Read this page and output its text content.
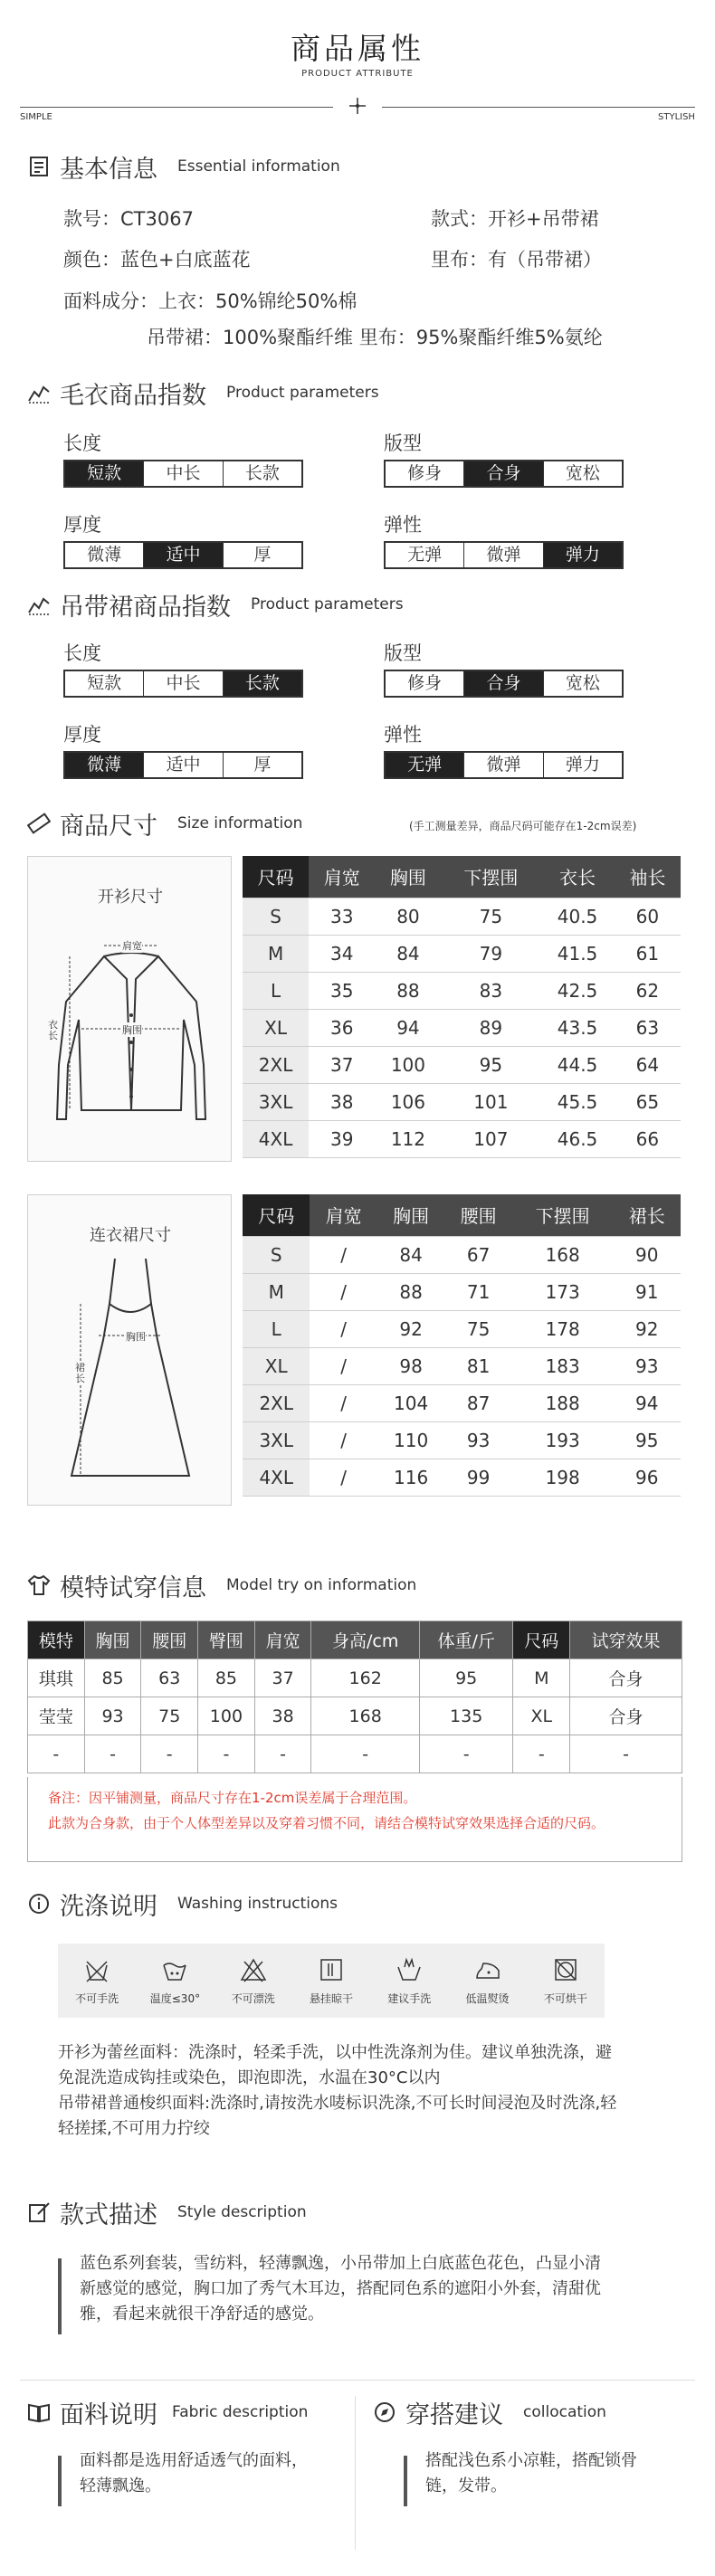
商品属性
PRODUCT ATTRIBUTE
SIMPLE	STYLISH
基本信息 Essential information
款号：CT3067	款式：开衫+吊带裙
颜色：蓝色+白底蓝花	里布：有（吊带裙）
面料成分：上衣：50%锦纶50%棉
吊带裙：100%聚酯纤维 里布：95%聚酯纤维5%氨纶
毛衣商品指数 Product parameters
长度
短款	中长	长款
版型
修身	合身	宽松
厚度
微薄	适中	厚
弹性
无弹	微弹	弹力
吊带裙商品指数 Product parameters
长度
短款	中长	长款
版型
修身	合身	宽松
厚度
微薄	适中	厚
弹性
无弹	微弹	弹力
商品尺寸 Size information	(手工测量差异，商品尺码可能存在1-2cm误差)
开衫尺寸
肩宽
胸围
衣长
尺码	肩宽	胸围	下摆围	衣长	袖长
S	33	80	75	40.5	60
M	34	84	79	41.5	61
L	35	88	83	42.5	62
XL	36	94	89	43.5	63
2XL	37	100	95	44.5	64
3XL	38	106	101	45.5	65
4XL	39	112	107	46.5	66
连衣裙尺寸
胸围
裙长
尺码	肩宽	胸围	腰围	下摆围	裙长
S	/	84	67	168	90
M	/	88	71	173	91
L	/	92	75	178	92
XL	/	98	81	183	93
2XL	/	104	87	188	94
3XL	/	110	93	193	95
4XL	/	116	99	198	96
模特试穿信息 Model try on information
模特	胸围	腰围	臀围	肩宽	身高/cm	体重/斤	尺码	试穿效果
琪琪	85	63	85	37	162	95	M	合身
莹莹	93	75	100	38	168	135	XL	合身
-	-	-	-	-	-	-	-	-
备注：因平铺测量，商品尺寸存在1-2cm误差属于合理范围。
此款为合身款，由于个人体型差异以及穿着习惯不同，请结合模特试穿效果选择合适的尺码。
洗涤说明 Washing instructions
不可手洗	温度≤30°	不可漂洗	悬挂晾干	建议手洗	低温熨烫	不可烘干
开衫为蕾丝面料：洗涤时，轻柔手洗，以中性洗涤剂为佳。建议单独洗涤，避
免混洗造成钩挂或染色，即泡即洗，水温在30°C以内
吊带裙普通梭织面料:洗涤时,请按洗水唛标识洗涤,不可长时间浸泡及时洗涤,轻
轻搓揉,不可用力拧绞
款式描述 Style description
蓝色系列套装，雪纺料，轻薄飘逸，小吊带加上白底蓝色花色，凸显小清
新感觉的感觉，胸口加了秀气木耳边，搭配同色系的遮阳小外套，清甜优
雅，看起来就很干净舒适的感觉。
面料说明 Fabric description
面料都是选用舒适透气的面料，
轻薄飘逸。
穿搭建议 collocation
搭配浅色系小凉鞋，搭配锁骨
链，发带。
